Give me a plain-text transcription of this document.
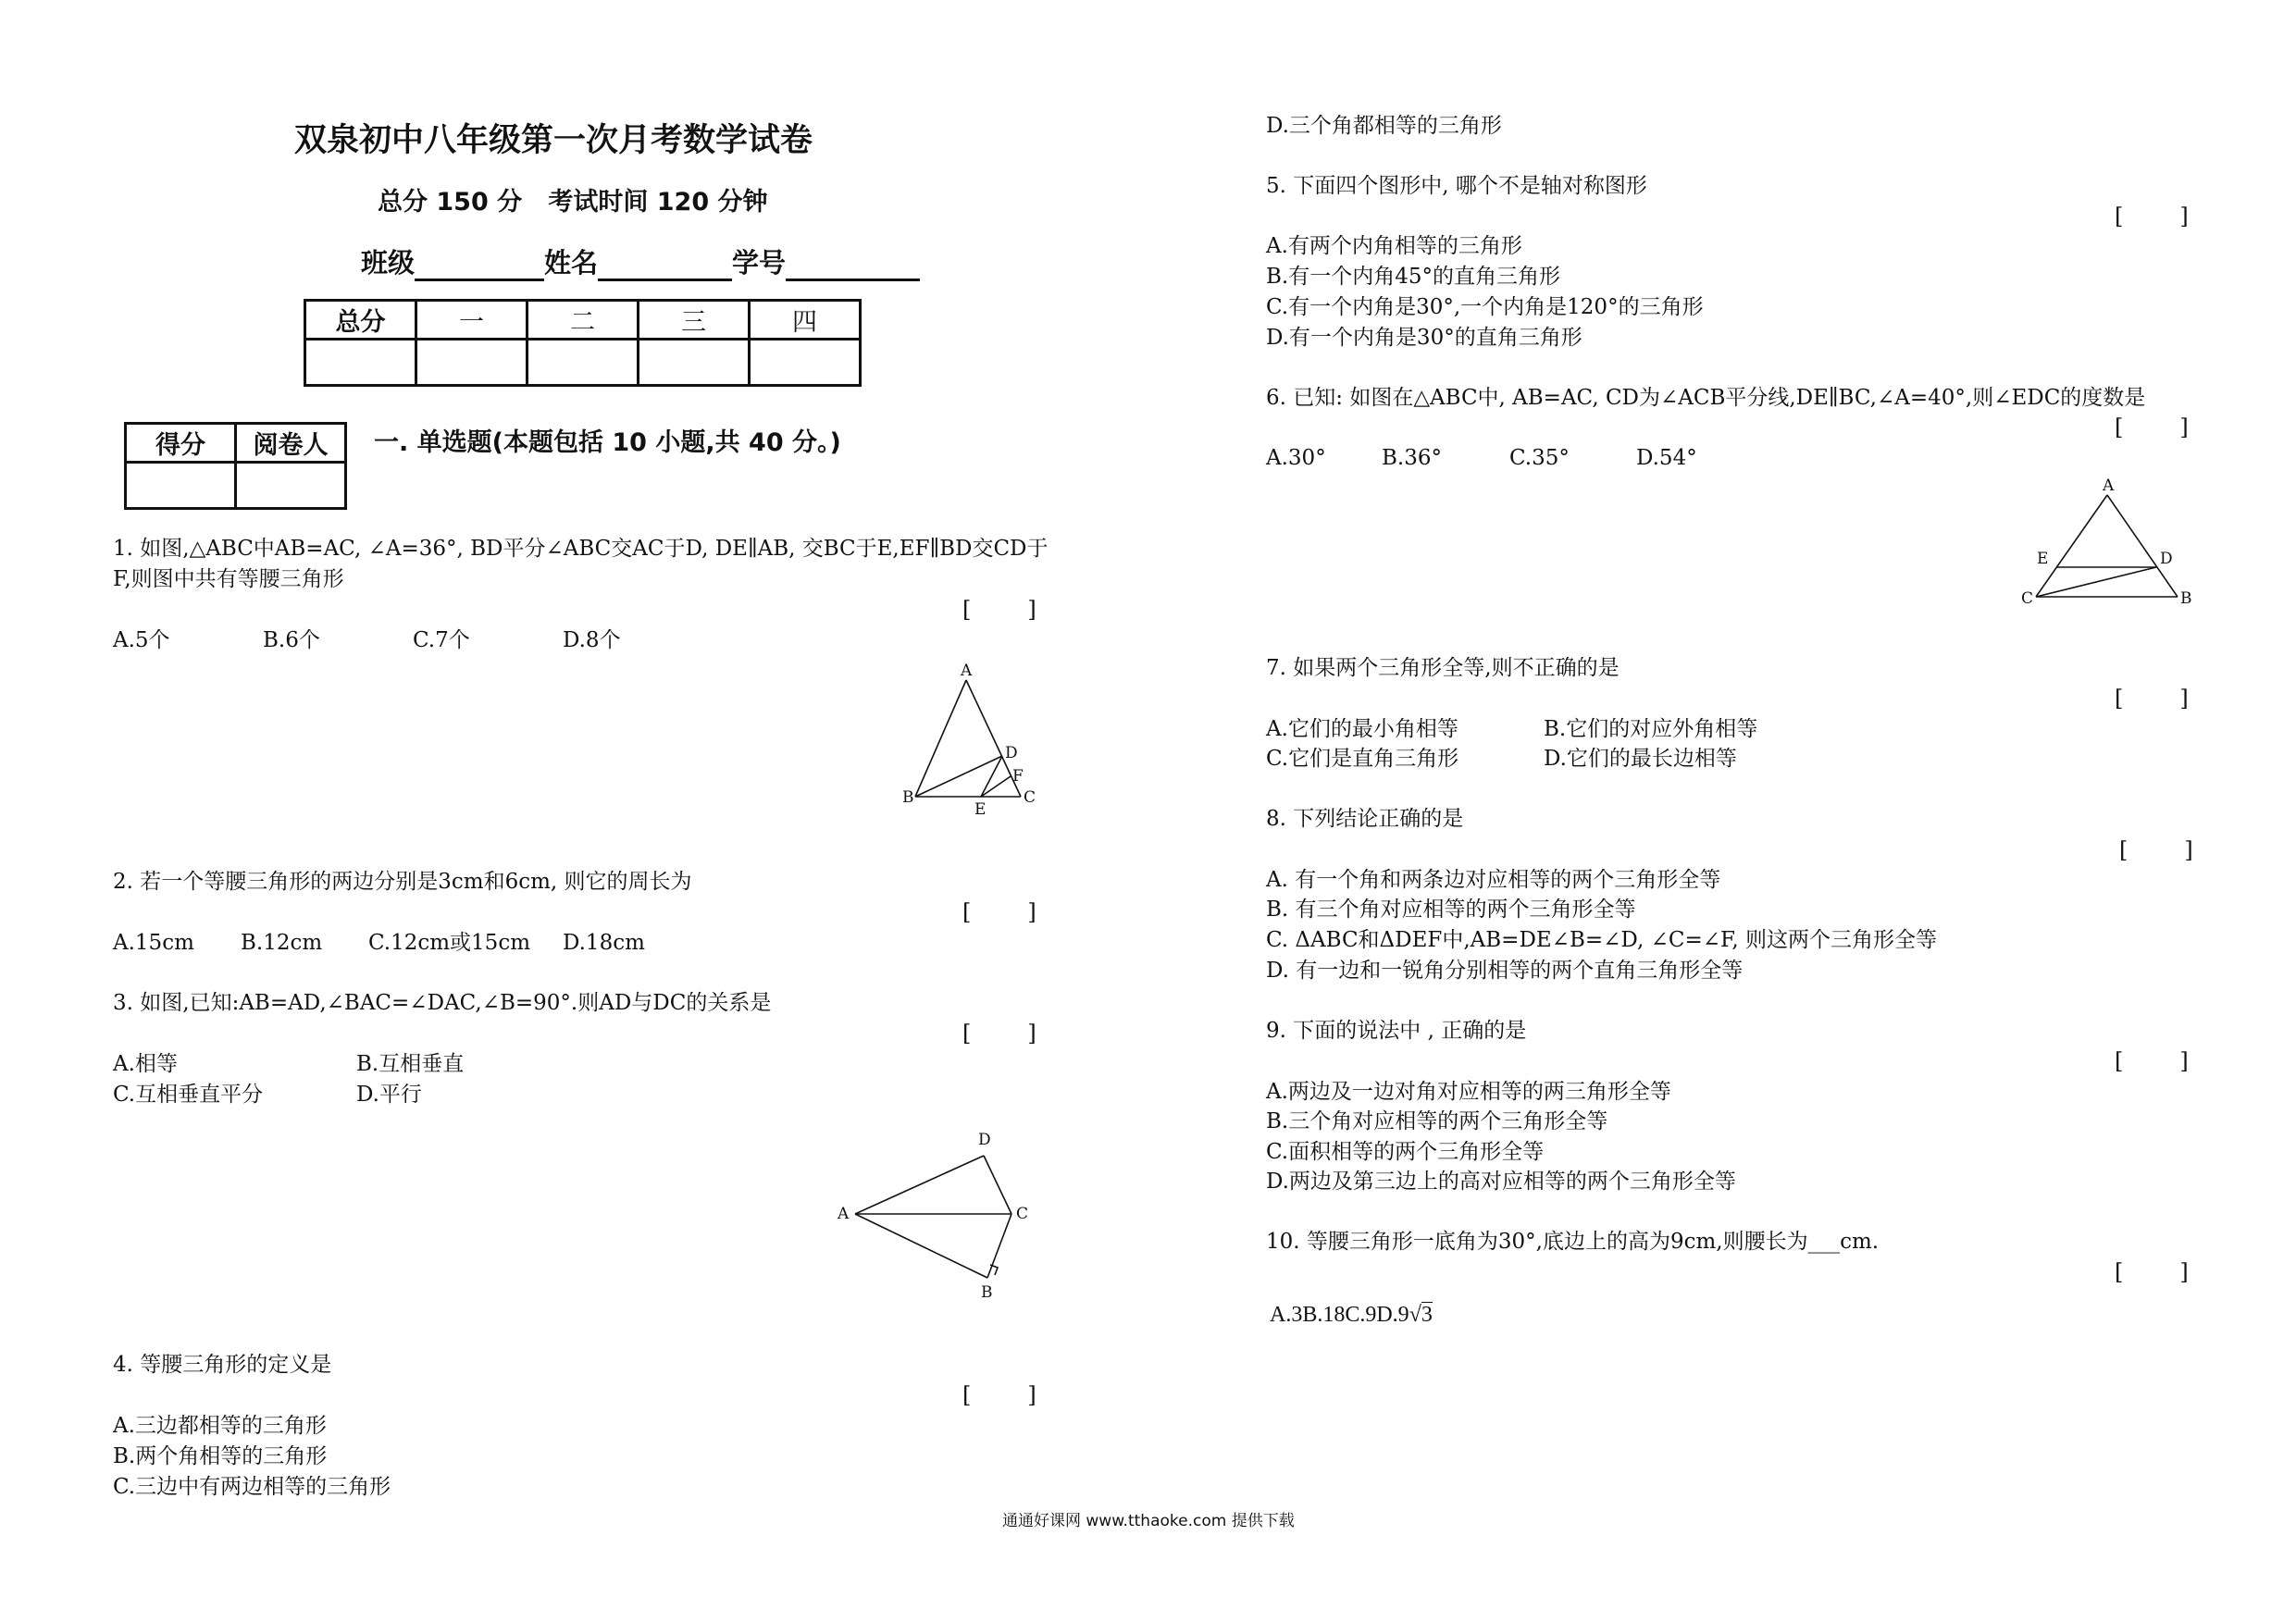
双泉初中八年级第一次月考数学试卷
总分 150 分   考试时间 120 分钟
班级	姓名	学号
总分	一	二	三	四

得分	阅卷人
	一. 单选题(本题包括 10 小题,共 40 分。)
1. 如图,△ABC中AB=AC, ∠A=36°, BD平分∠ABC交AC于D, DE∥AB, 交BC于E,EF∥BD交CD于
F,则图中共有等腰三角形
[        ]
A.5个	B.6个	C.7个	D.8个
A
B	C
D
E
F
2. 若一个等腰三角形的两边分别是3cm和6cm, 则它的周长为
[        ]
A.15cm B.12cm C.12cm或15cm D.18cm
3. 如图,已知:AB=AD,∠BAC=∠DAC,∠B=90°.则AD与DC的关系是
[        ]
A.相等	B.互相垂直
C.互相垂直平分	D.平行
D
A	C
B
4. 等腰三角形的定义是
[        ]
A.三边都相等的三角形
B.两个角相等的三角形
C.三边中有两边相等的三角形
D.三个角都相等的三角形
5. 下面四个图形中, 哪个不是轴对称图形
[        ]
A.有两个内角相等的三角形
B.有一个内角45°的直角三角形
C.有一个内角是30°,一个内角是120°的三角形
D.有一个内角是30°的直角三角形
6. 已知: 如图在△ABC中, AB=AC, CD为∠ACB平分线,DE∥BC,∠A=40°,则∠EDC的度数是
[        ]
A.30°	B.36°	C.35°	D.54°
A
E	D
C	B
7. 如果两个三角形全等,则不正确的是
[        ]
A.它们的最小角相等	B.它们的对应外角相等
C.它们是直角三角形	D.它们的最长边相等
8. 下列结论正确的是
[        ]
A. 有一个角和两条边对应相等的两个三角形全等
B. 有三个角对应相等的两个三角形全等
C. ΔABC和ΔDEF中,AB=DE∠B=∠D, ∠C=∠F, 则这两个三角形全等
D. 有一边和一锐角分别相等的两个直角三角形全等
9. 下面的说法中 , 正确的是
[        ]
A.两边及一边对角对应相等的两三角形全等
B.三个角对应相等的两个三角形全等
C.面积相等的两个三角形全等
D.两边及第三边上的高对应相等的两个三角形全等
10. 等腰三角形一底角为30°,底边上的高为9cm,则腰长为___cm.
[        ]
A.3B.18C.9D.9√3
通通好课网 www.tthaoke.com 提供下载
